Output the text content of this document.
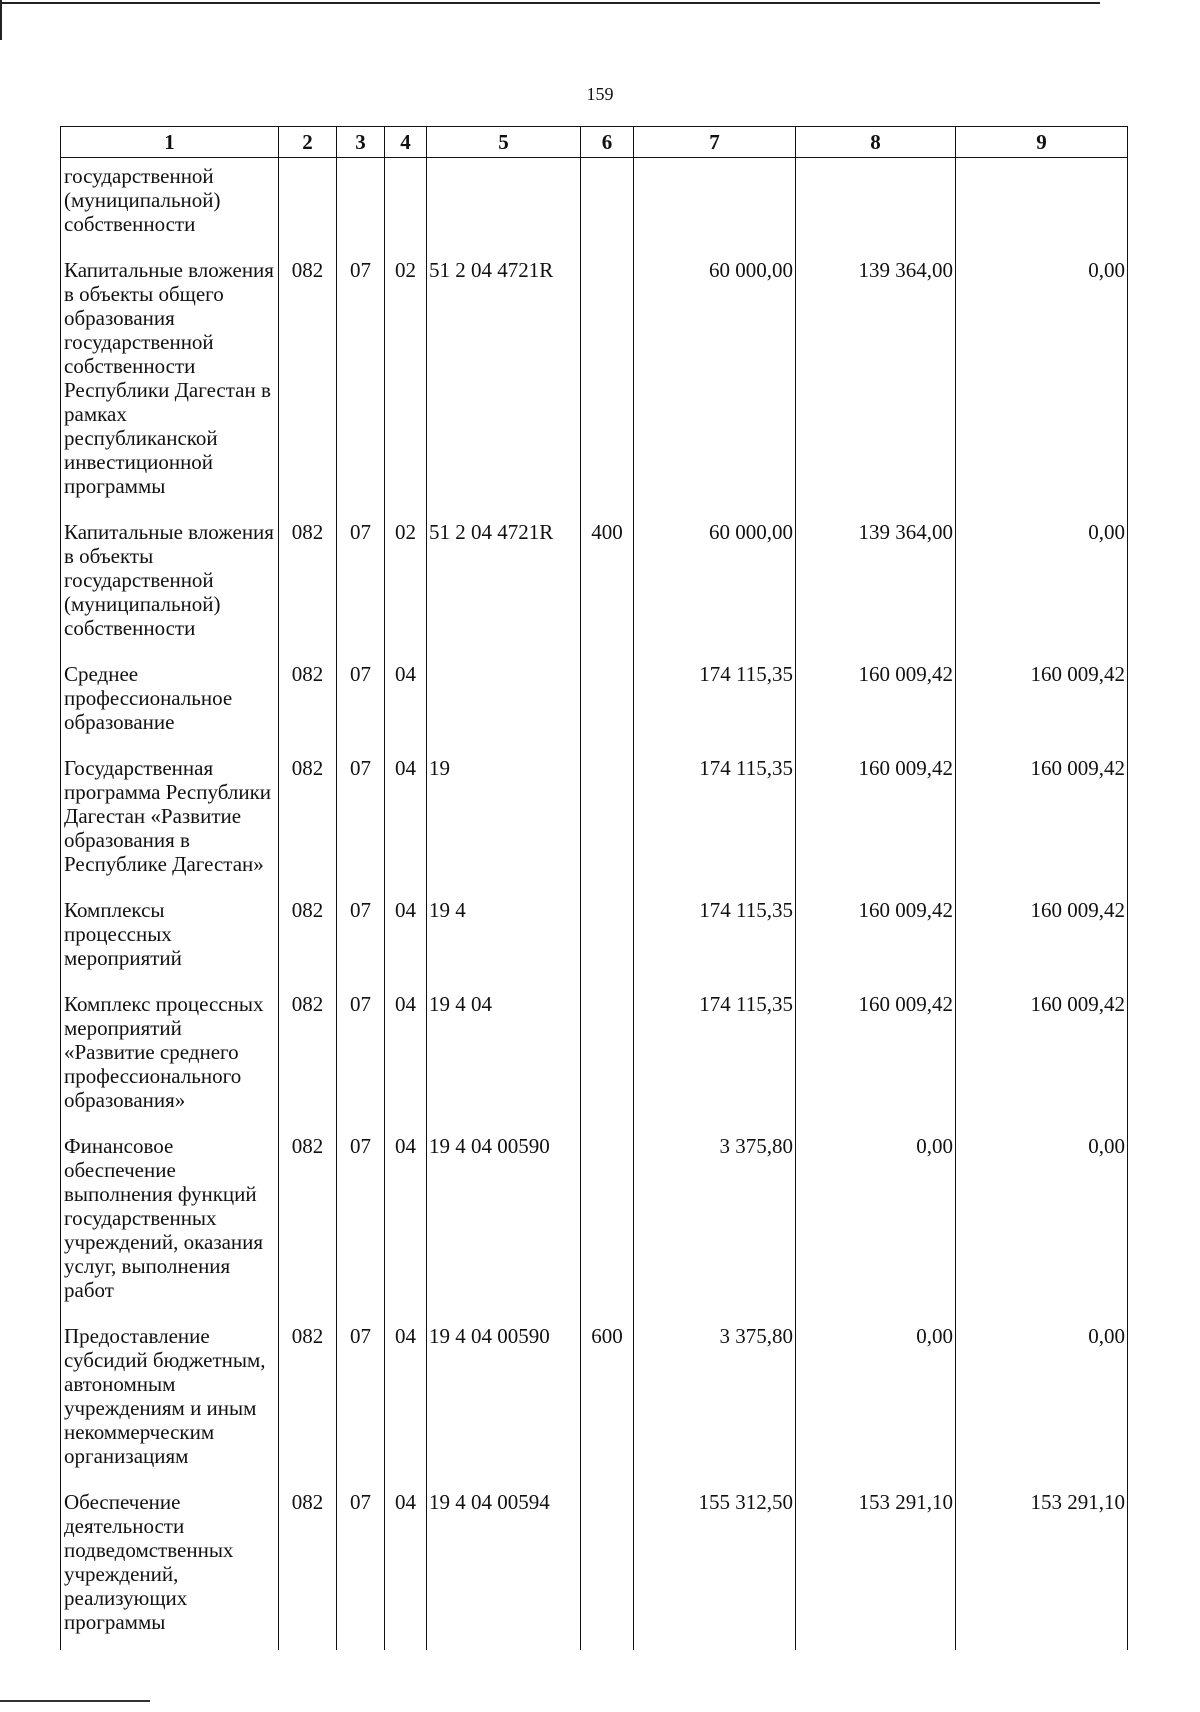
159
1	2	3	4	5	6	7	8	9
государственной (муниципальной) собственности								
Капитальные вложения в объекты общего образования государственной собственности Республики Дагестан в рамках республиканской инвестиционной программы	082	07	02	51 2 04 4721R		60 000,00	139 364,00	0,00
Капитальные вложения в объекты государственной (муниципальной) собственности	082	07	02	51 2 04 4721R	400	60 000,00	139 364,00	0,00
Среднее профессиональное образование	082	07	04			174 115,35	160 009,42	160 009,42
Государственная программа Республики Дагестан «Развитие образования в Республике Дагестан»	082	07	04	19		174 115,35	160 009,42	160 009,42
Комплексы процессных мероприятий	082	07	04	19 4		174 115,35	160 009,42	160 009,42
Комплекс процессных мероприятий «Развитие среднего профессионального образования»	082	07	04	19 4 04		174 115,35	160 009,42	160 009,42
Финансовое обеспечение выполнения функций государственных учреждений, оказания услуг, выполнения работ	082	07	04	19 4 04 00590		3 375,80	0,00	0,00
Предоставление субсидий бюджетным, автономным учреждениям и иным некоммерческим организациям	082	07	04	19 4 04 00590	600	3 375,80	0,00	0,00
Обеспечение деятельности подведомственных учреждений, реализующих программы	082	07	04	19 4 04 00594		155 312,50	153 291,10	153 291,10
